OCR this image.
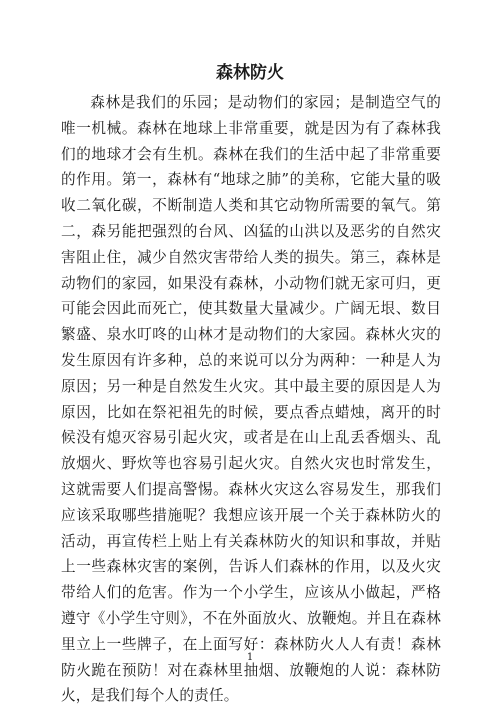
森林防火

森林是我们的乐园；是动物们的家园；是制造空气的唯一机械。森林在地球上非常重要，就是因为有了森林我们的地球才会有生机。森林在我们的生活中起了非常重要的作用。第一，森林有“地球之肺”的美称，它能大量的吸收二氧化碳，不断制造人类和其它动物所需要的氧气。第二，森另能把强烈的台风、凶猛的山洪以及恶劣的自然灾害阻止住，减少自然灾害带给人类的损失。第三，森林是动物们的家园，如果没有森林，小动物们就无家可归，更可能会因此而死亡，使其数量大量减少。广阔无垠、数目繁盛、泉水叮咚的山林才是动物们的大家园。森林火灾的发生原因有许多种，总的来说可以分为两种：一种是人为原因；另一种是自然发生火灾。其中最主要的原因是人为原因，比如在祭祀祖先的时候，要点香点蜡烛，离开的时候没有熄灭容易引起火灾，或者是在山上乱丢香烟头、乱放烟火、野炊等也容易引起火灾。自然火灾也时常发生，这就需要人们提高警惕。森林火灾这么容易发生，那我们应该采取哪些措施呢？我想应该开展一个关于森林防火的活动，再宣传栏上贴上有关森林防火的知识和事故，并贴上一些森林灾害的案例，告诉人们森林的作用，以及火灾带给人们的危害。作为一个小学生，应该从小做起，严格遵守《小学生守则》，不在外面放火、放鞭炮。并且在森林里立上一些牌子，在上面写好：森林防火人人有责！森林防火跪在预防！对在森林里抽烟、放鞭炮的人说：森林防火，是我们每个人的责任。

1
